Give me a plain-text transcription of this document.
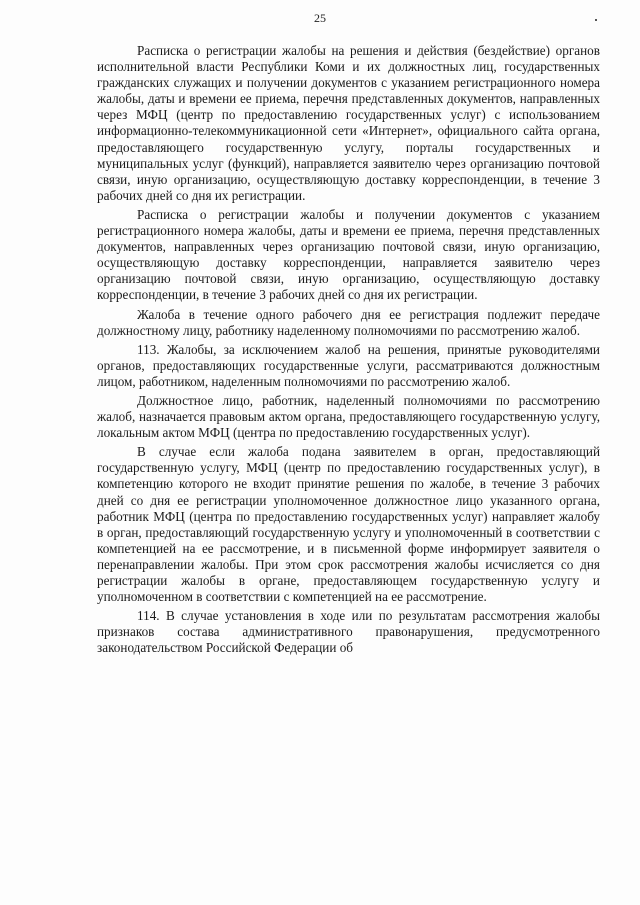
25

Расписка о регистрации жалобы на решения и действия (бездействие) органов исполнительной власти Республики Коми и их должностных лиц, государственных гражданских служащих и получении документов с указанием регистрационного номера жалобы, даты и времени ее приема, перечня представленных документов, направленных через МФЦ (центр по предоставлению государственных услуг) с использованием информационно-телекоммуникационной сети «Интернет», официального сайта органа, предоставляющего государственную услугу, порталы государственных и муниципальных услуг (функций), направляется заявителю через организацию почтовой связи, иную организацию, осуществляющую доставку корреспонденции, в течение 3 рабочих дней со дня их регистрации.

Расписка о регистрации жалобы и получении документов с указанием регистрационного номера жалобы, даты и времени ее приема, перечня представленных документов, направленных через организацию почтовой связи, иную организацию, осуществляющую доставку корреспонденции, направляется заявителю через организацию почтовой связи, иную организацию, осуществляющую доставку корреспонденции, в течение 3 рабочих дней со дня их регистрации.

Жалоба в течение одного рабочего дня ее регистрация подлежит передаче должностному лицу, работнику наделенному полномочиями по рассмотрению жалоб.

113. Жалобы, за исключением жалоб на решения, принятые руководителями органов, предоставляющих государственные услуги, рассматриваются должностным лицом, работником, наделенным полномочиями по рассмотрению жалоб.

Должностное лицо, работник, наделенный полномочиями по рассмотрению жалоб, назначается правовым актом органа, предоставляющего государственную услугу, локальным актом МФЦ (центра по предоставлению государственных услуг).

В случае если жалоба подана заявителем в орган, предоставляющий государственную услугу, МФЦ (центр по предоставлению государственных услуг), в компетенцию которого не входит принятие решения по жалобе, в течение 3 рабочих дней со дня ее регистрации уполномоченное должностное лицо указанного органа, работник МФЦ (центра по предоставлению государственных услуг) направляет жалобу в орган, предоставляющий государственную услугу и уполномоченный в соответствии с компетенцией на ее рассмотрение, и в письменной форме информирует заявителя о перенаправлении жалобы. При этом срок рассмотрения жалобы исчисляется со дня регистрации жалобы в органе, предоставляющем государственную услугу и уполномоченном в соответствии с компетенцией на ее рассмотрение.

114. В случае установления в ходе или по результатам рассмотрения жалобы признаков состава административного правонарушения, предусмотренного законодательством Российской Федерации об
